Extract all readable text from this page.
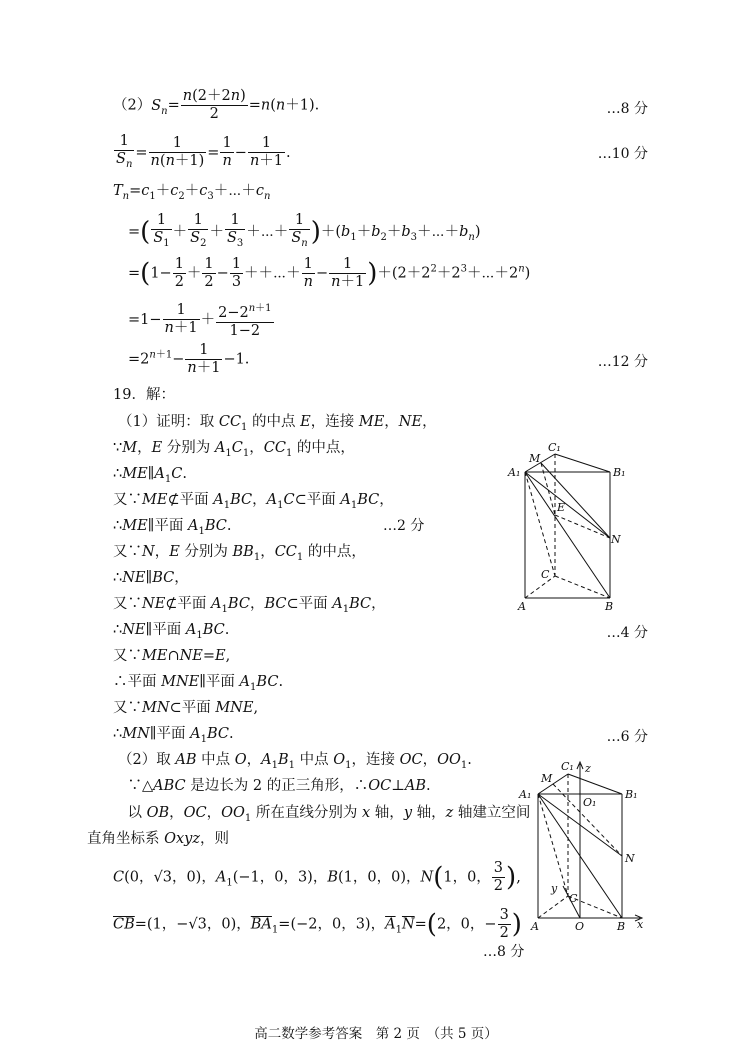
$(2)S_n= \frac{n(2+2n)}{2} =n(n+1)$.	…8 分
$\frac{1}{S_n} = \frac{1}{n(n+1)} = \frac{1}{n} - \frac{1}{n+1}$ .	…10 分
$T_n=c_1+c_2+c_3+\cdots+c_n$
=( $\frac{1}{S_1} + \frac{1}{S_2} + \frac{1}{S_3}$ ＋⋯＋ $\frac{1}{S_n}$ )$+(b_1+b_2+b_3+\cdots+b_n)$
$=(1- \frac{1}{2} + \frac{1}{2} - \frac{1}{3}$ ＋＋⋯＋ $\frac{1}{n} - \frac{1}{n+1}$ )$+(2+2^2+2^3+\cdots+2^n)$
$=1- \frac{1}{n+1} + \frac{2-2^{n+1}}{1-2}$
$=2^{n+1}- \frac{1}{n+1} -1$.	…12 分
19．解：
（1）证明：取 $CC_1$ 的中点 E，连接 ME，NE，
∵M，E 分别为 $A_1C_1$，$CC_1$ 的中点，
$\therefore ME\parallel A_1C$.
又∵ME⊄平面 $A_1BC$，$A_1C\subset$平面 $A_1BC$，
∴ME∥平面 $A_1BC$.	…2 分
又∵N，E 分别为 $BB_1$，$CC_1$ 的中点，
∴NE∥BC，
又∵NE⊄平面 $A_1BC$，BC⊂平面 $A_1BC$，
∴NE∥平面 $A_1BC$.	…4 分
又∵ME∩NE=E,
∴平面 MNE∥平面 $A_1BC$.
又∵MN⊂平面 MNE,
∴MN∥平面 $A_1BC$.	…6 分
（2）取 AB 中点 O，$A_1B_1$ 中点 $O_1$，连接 OC，$OO_1$.
　∵△ABC 是边长为 2 的正三角形，∴OC⊥AB.
　以 OB，OC，$OO_1$ 所在直线分别为 x 轴，y 轴，z 轴建立空间
直角坐标系 Oxyz，则
C(0，√3，0)，$A_1(-1$，0，3)，B(1，0，0)，N(1，0， $\frac{3}{2}$ ),
$\overline{CB}=(1$，−√3，0)，$\overline{BA}_1=(-2$，0，3)，$\overline{A}_1\overline{N}=(2$，0，− $\frac{3}{2}$ )
…8 分
C₁
M
A₁	B₁
E
N
C
A	B
C₁ z
M
A₁
O₁
B₁
N
y
C
A	O	B x
高二数学参考答案　第 2 页　（共 5 页）
